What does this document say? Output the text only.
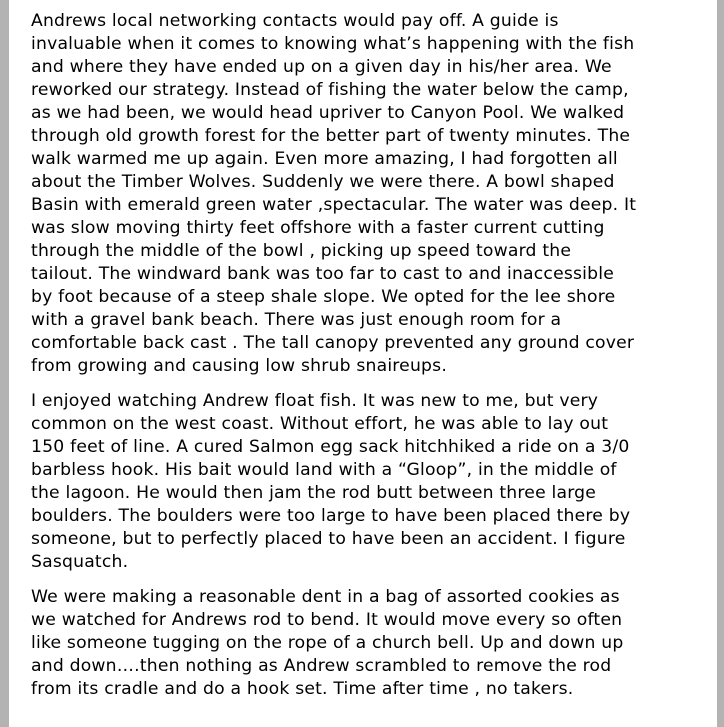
Andrews local networking contacts would pay off. A guide is
invaluable when it comes to knowing what’s happening with the fish
and where they have ended up on a given day in his/her area. We
reworked our strategy. Instead of fishing the water below the camp,
as we had been, we would head upriver to Canyon Pool. We walked
through old growth forest for the better part of twenty minutes. The
walk warmed me up again. Even more amazing, I had forgotten all
about the Timber Wolves. Suddenly we were there. A bowl shaped
Basin with emerald green water ,spectacular. The water was deep. It
was slow moving thirty feet offshore with a faster current cutting
through the middle of the bowl , picking up speed toward the
tailout. The windward bank was too far to cast to and inaccessible
by foot because of a steep shale slope. We opted for the lee shore
with a gravel bank beach. There was just enough room for a
comfortable back cast . The tall canopy prevented any ground cover
from growing and causing low shrub snaireups.
I enjoyed watching Andrew float fish. It was new to me, but very
common on the west coast. Without effort, he was able to lay out
150 feet of line. A cured Salmon egg sack hitchhiked a ride on a 3/0
barbless hook. His bait would land with a “Gloop”, in the middle of
the lagoon. He would then jam the rod butt between three large
boulders. The boulders were too large to have been placed there by
someone, but to perfectly placed to have been an accident. I figure
Sasquatch.
We were making a reasonable dent in a bag of assorted cookies as
we watched for Andrews rod to bend. It would move every so often
like someone tugging on the rope of a church bell. Up and down up
and down….then nothing as Andrew scrambled to remove the rod
from its cradle and do a hook set. Time after time , no takers.
